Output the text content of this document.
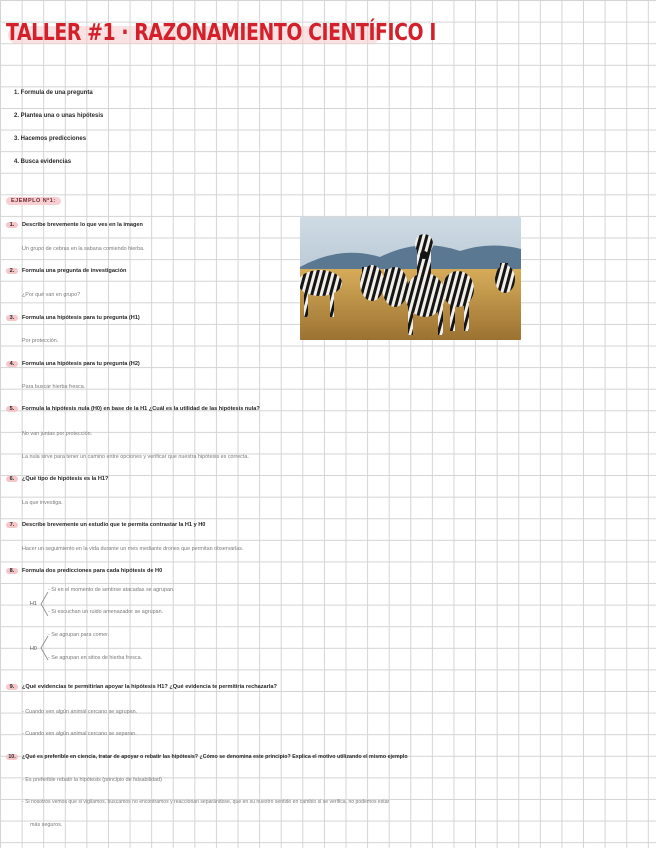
TALLER #1 · RAZONAMIENTO CIENTÍFICO I
1. Formula de una pregunta
2. Plantea una o unas hipótesis
3. Hacemos predicciones
4. Busca evidencias
EJEMPLO Nº1:
1. Describe brevemente lo que ves en la imagen
Un grupo de cebras en la sabana comiendo hierba.
2. Formula una pregunta de investigación
¿Por qué van en grupo?
3. Formula una hipótesis para tu pregunta (H1)
Por protección.
4. Formula una hipótesis para tu pregunta (H2)
Para buscar hierba fresca.
5. Formula la hipótesis nula (H0) en base de la H1 ¿Cuál es la utilidad de las hipótesis nula?
No van juntas por protección.
La nula sirve para tener un camino entre opciones y verificar que nuestra hipótesis es correcta.
6. ¿Qué tipo de hipótesis es la H1?
La que investiga.
7. Describe brevemente un estudio que te permita contrastar la H1 y H0
Hacer un seguimiento en la vida durante un mes mediante drones que permitan observarlas.
8. Formula dos predicciones para cada hipótesis de H0
H1
- Si en el momento de sentirse atacadas se agrupan.
- Si escuchan un ruido amenazador se agrupan.
H0
- Se agrupan para comer.
- Se agrupan en sitios de hierba fresca.
9. ¿Qué evidencias te permitirían apoyar la hipótesis H1? ¿Qué evidencia te permitiría rechazarla?
- Cuando ven algún animal cercano se agrupan.
- Cuando ven algún animal cercano se separan.
10. ¿Qué es preferible en ciencia, tratar de apoyar o rebatir las hipótesis? ¿Cómo se denomina este principio? Explica el motivo utilizando el mismo ejemplo
- Es preferible rebatir la hipótesis (principio de falsabilidad)
- Si nosotros vemos que si vigilamos, buscamos no encontramos y reaccionan separándose, que en su nuestro sentido en cambio si se verifica, no podemos estar
más seguros.
